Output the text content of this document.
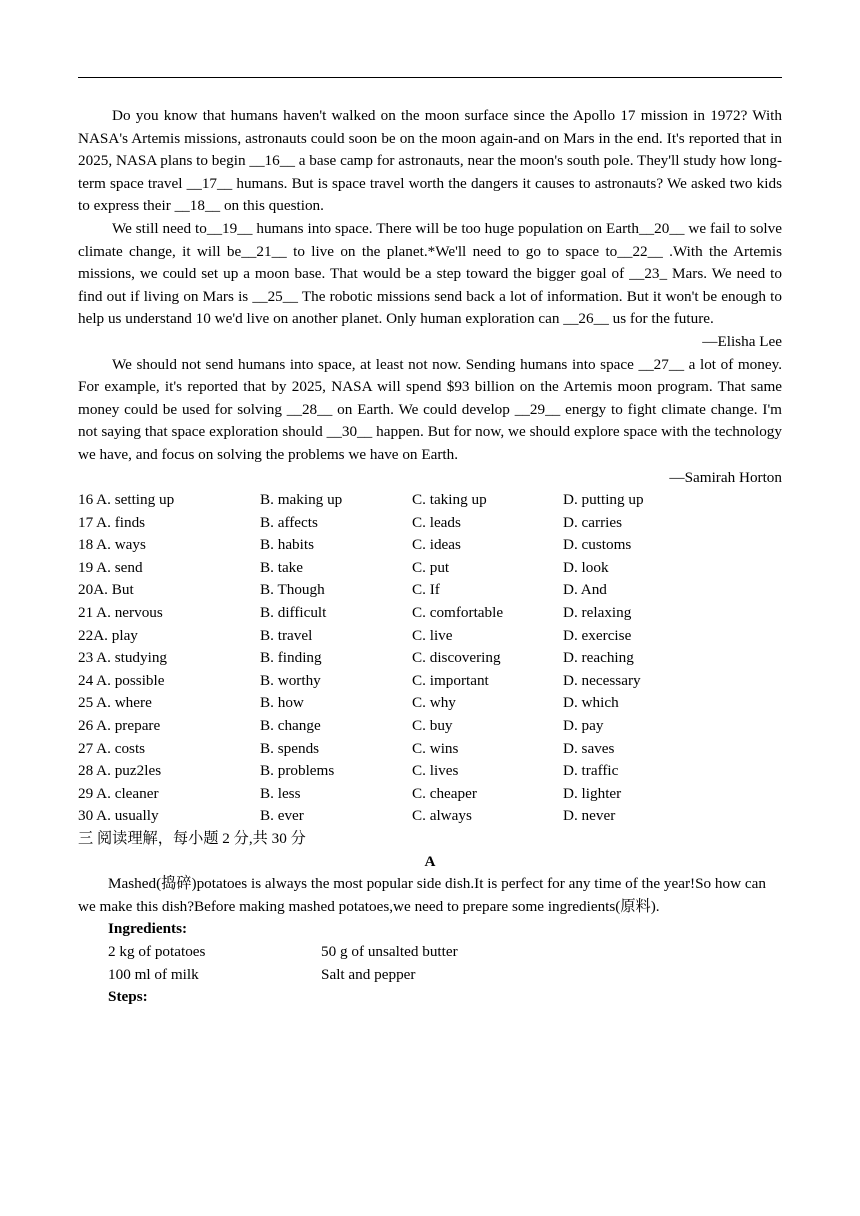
Do you know that humans haven't walked on the moon surface since the Apollo 17 mission in 1972? With NASA's Artemis missions, astronauts could soon be on the moon again-and on Mars in the end. It's reported that in 2025, NASA plans to begin __16__ a base camp for astronauts, near the moon's south pole. They'll study how long-term space travel __17__ humans. But is space travel worth the dangers it causes to astronauts? We asked two kids to express their __18__ on this question.

We still need to__19__ humans into space. There will be too huge population on Earth__20__ we fail to solve climate change, it will be__21__ to live on the planet.*We'll need to go to space to__22__ .With the Artemis missions, we could set up a moon base. That would be a step toward the bigger goal of __23_ Mars. We need to find out if living on Mars is __25__ The robotic missions send back a lot of information. But it won't be enough to help us understand 10 we'd live on another planet. Only human exploration can __26__ us for the future.

—Elisha Lee

We should not send humans into space, at least not now. Sending humans into space __27__ a lot of money. For example, it's reported that by 2025, NASA will spend $93 billion on the Artemis moon program. That same money could be used for solving __28__ on Earth. We could develop __29__ energy to fight climate change. I'm not saying that space exploration should __30__ happen. But for now, we should explore space with the technology we have, and focus on solving the problems we have on Earth.

—Samirah Horton

16 A. setting up	B. making up	C. taking up	D. putting up
17 A. finds	B. affects	C. leads	D. carries
18 A. ways	B. habits	C. ideas	D. customs
19 A. send	B. take	C. put	D. look
20A. But	B. Though	C. If	D. And
21 A. nervous	B. difficult	C. comfortable	D. relaxing
22A. play	B. travel	C. live	D. exercise
23 A. studying	B. finding	C. discovering	D. reaching
24 A. possible	B. worthy	C. important	D. necessary
25 A. where	B. how	C. why	D. which
26 A. prepare	B. change	C. buy	D. pay
27 A. costs	B. spends	C. wins	D. saves
28 A. puz2les	B. problems	C. lives	D. traffic
29 A. cleaner	B. less	C. cheaper	D. lighter
30 A. usually	B. ever	C. always	D. never

三 阅读理解，每小题 2 分,共 30 分

A

Mashed(捣碎)potatoes is always the most popular side dish.It is perfect for any time of the year!So how can we make this dish?Before making mashed potatoes,we need to prepare some ingredients(原料).

Ingredients:

2 kg of potatoes	50 g of unsalted butter
100 ml of milk	Salt and pepper

Steps:
